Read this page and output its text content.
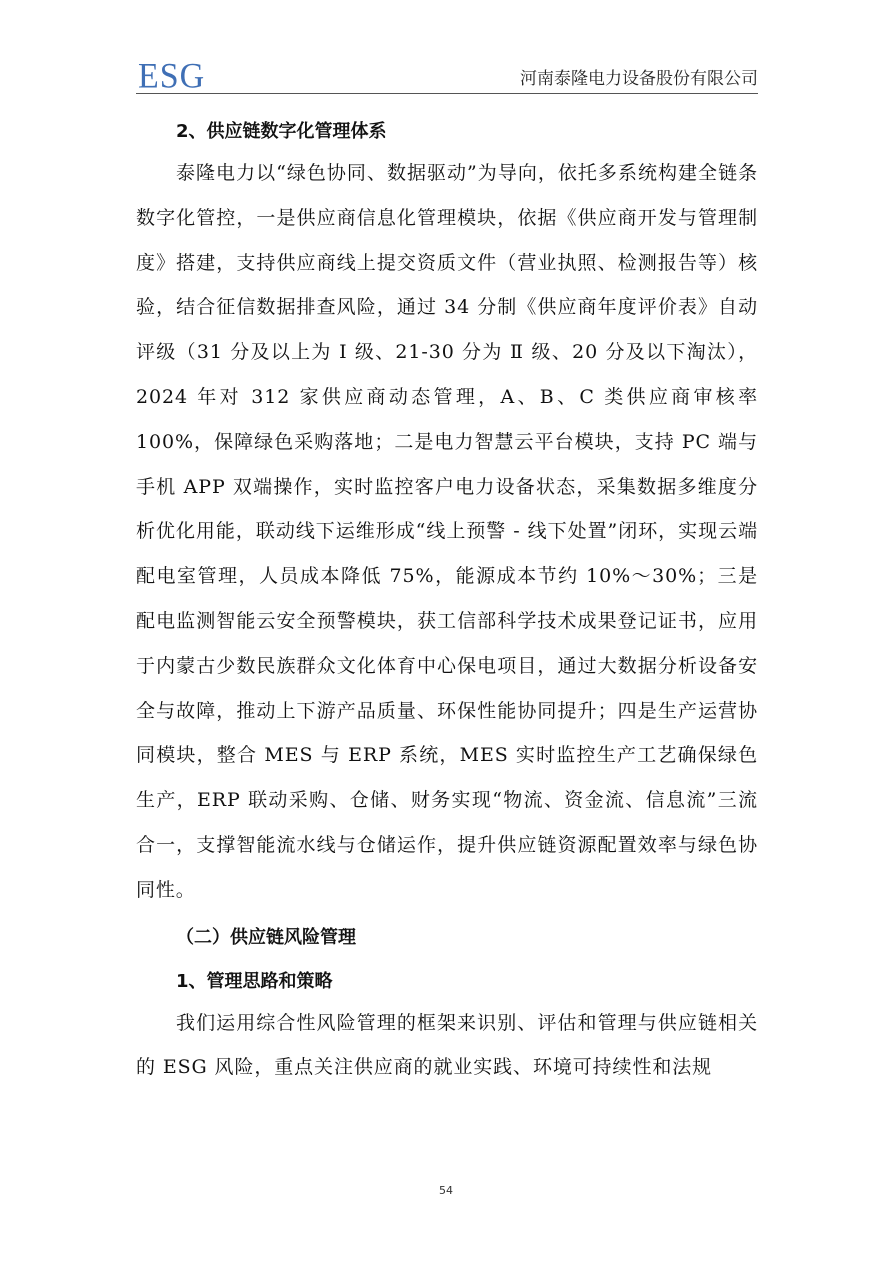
ESG	河南泰隆电力设备股份有限公司
2、供应链数字化管理体系

泰隆电力以“绿色协同、数据驱动”为导向，依托多系统构建全链条数字化管控，一是供应商信息化管理模块，依据《供应商开发与管理制度》搭建，支持供应商线上提交资质文件（营业执照、检测报告等）核验，结合征信数据排查风险，通过 34 分制《供应商年度评价表》自动评级（31 分及以上为 I 级、21-30 分为 Ⅱ 级、20 分及以下淘汰），2024 年对 312 家供应商动态管理，A、B、C 类供应商审核率 100%，保障绿色采购落地；二是电力智慧云平台模块，支持 PC 端与手机 APP 双端操作，实时监控客户电力设备状态，采集数据多维度分析优化用能，联动线下运维形成“线上预警 - 线下处置”闭环，实现云端配电室管理，人员成本降低 75%，能源成本节约 10%～30%；三是配电监测智能云安全预警模块，获工信部科学技术成果登记证书，应用于内蒙古少数民族群众文化体育中心保电项目，通过大数据分析设备安全与故障，推动上下游产品质量、环保性能协同提升；四是生产运营协同模块，整合 MES 与 ERP 系统，MES 实时监控生产工艺确保绿色生产，ERP 联动采购、仓储、财务实现“物流、资金流、信息流”三流合一，支撑智能流水线与仓储运作，提升供应链资源配置效率与绿色协同性。

（二）供应链风险管理
1、管理思路和策略

我们运用综合性风险管理的框架来识别、评估和管理与供应链相关的 ESG 风险，重点关注供应商的就业实践、环境可持续性和法规

54
